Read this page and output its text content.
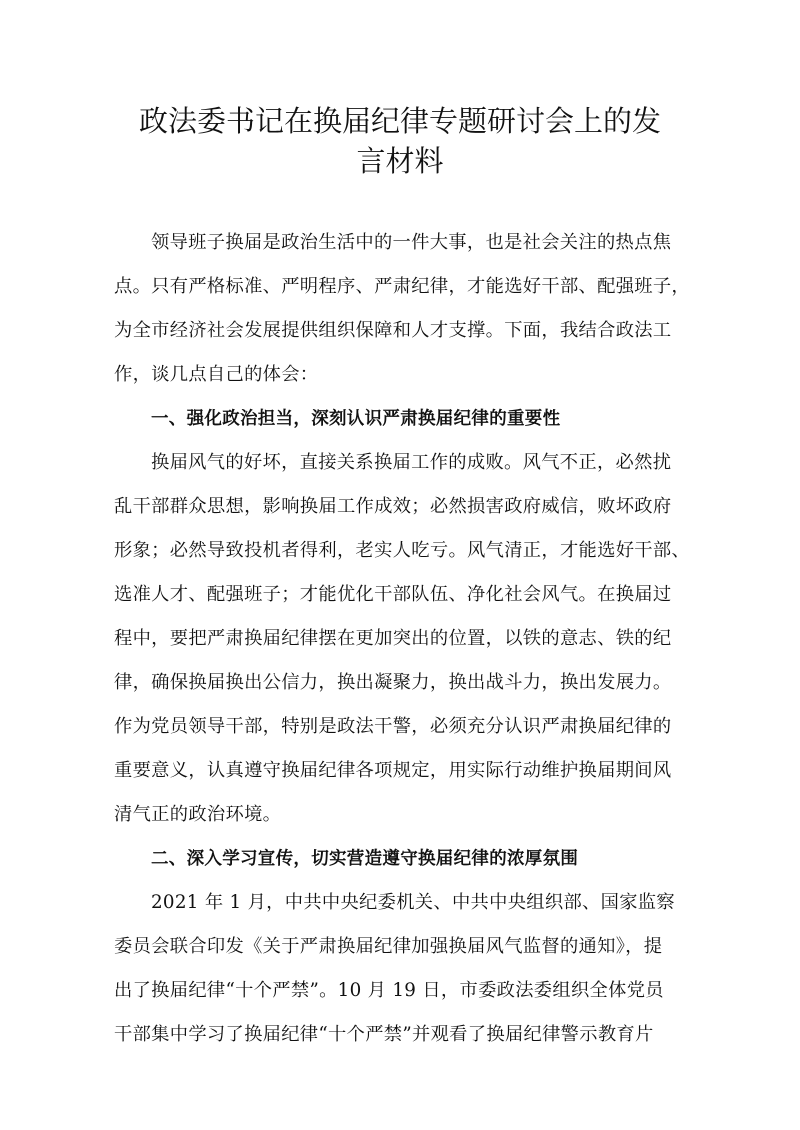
政法委书记在换届纪律专题研讨会上的发
言材料
领导班子换届是政治生活中的一件大事，也是社会关注的热点焦
点。只有严格标准、严明程序、严肃纪律，才能选好干部、配强班子，
为全市经济社会发展提供组织保障和人才支撑。下面，我结合政法工
作，谈几点自己的体会：
一、强化政治担当，深刻认识严肃换届纪律的重要性
换届风气的好坏，直接关系换届工作的成败。风气不正，必然扰
乱干部群众思想，影响换届工作成效；必然损害政府威信，败坏政府
形象；必然导致投机者得利，老实人吃亏。风气清正，才能选好干部、
选准人才、配强班子；才能优化干部队伍、净化社会风气。在换届过
程中，要把严肃换届纪律摆在更加突出的位置，以铁的意志、铁的纪
律，确保换届换出公信力，换出凝聚力，换出战斗力，换出发展力。
作为党员领导干部，特别是政法干警，必须充分认识严肃换届纪律的
重要意义，认真遵守换届纪律各项规定，用实际行动维护换届期间风
清气正的政治环境。
二、深入学习宣传，切实营造遵守换届纪律的浓厚氛围
2021 年 1 月，中共中央纪委机关、中共中央组织部、国家监察
委员会联合印发《关于严肃换届纪律加强换届风气监督的通知》，提
出了换届纪律“十个严禁”。10 月 19 日，市委政法委组织全体党员
干部集中学习了换届纪律“十个严禁”并观看了换届纪律警示教育片
